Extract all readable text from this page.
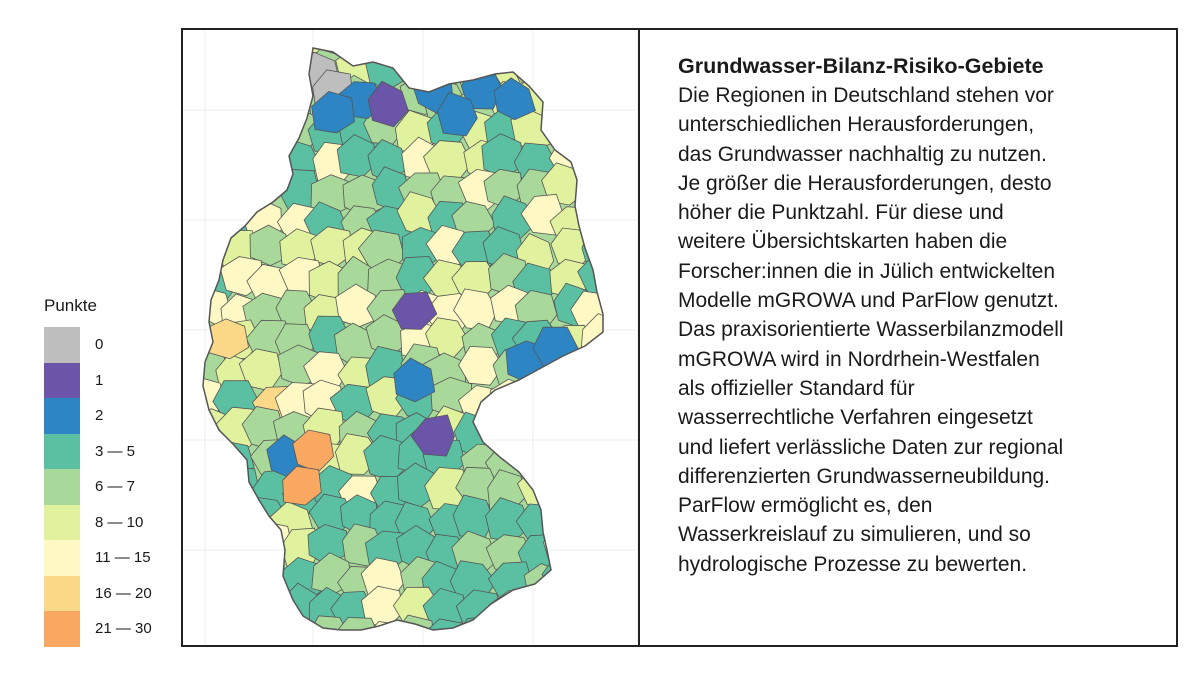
Punkte
0
1
2
3 — 5
6 — 7
8 — 10
11 — 15
16 — 20
21 — 30

Grundwasser-Bilanz-Risiko-Gebiete

Die Regionen in Deutschland stehen vor
unterschiedlichen Herausforderungen,
das Grundwasser nachhaltig zu nutzen.
Je größer die Herausforderungen, desto
höher die Punktzahl. Für diese und
weitere Übersichtskarten haben die
Forscher:innen die in Jülich entwickelten
Modelle mGROWA und ParFlow genutzt.
Das praxisorientierte Wasserbilanzmodell
mGROWA wird in Nordrhein-Westfalen
als offizieller Standard für
wasserrechtliche Verfahren eingesetzt
und liefert verlässliche Daten zur regional
differenzierten Grundwasserneubildung.
ParFlow ermöglicht es, den
Wasserkreislauf zu simulieren, und so
hydrologische Prozesse zu bewerten.
